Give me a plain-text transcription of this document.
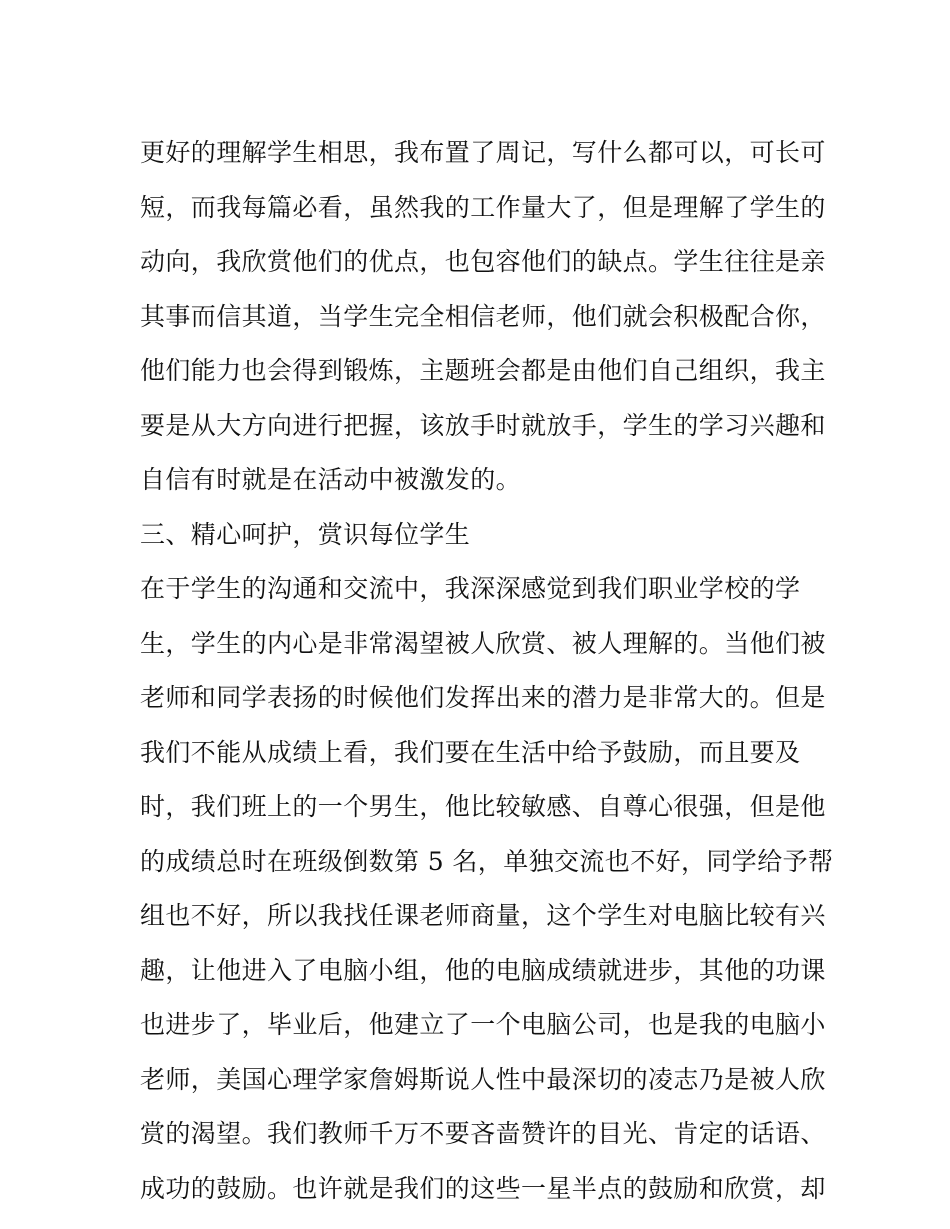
更好的理解学生相思，我布置了周记，写什么都可以，可长可
短，而我每篇必看，虽然我的工作量大了，但是理解了学生的
动向，我欣赏他们的优点，也包容他们的缺点。学生往往是亲
其事而信其道，当学生完全相信老师，他们就会积极配合你，
他们能力也会得到锻炼，主题班会都是由他们自己组织，我主
要是从大方向进行把握，该放手时就放手，学生的学习兴趣和
自信有时就是在活动中被激发的。
三、精心呵护，赏识每位学生
在于学生的沟通和交流中，我深深感觉到我们职业学校的学
生，学生的内心是非常渴望被人欣赏、被人理解的。当他们被
老师和同学表扬的时候他们发挥出来的潜力是非常大的。但是
我们不能从成绩上看，我们要在生活中给予鼓励，而且要及
时，我们班上的一个男生，他比较敏感、自尊心很强，但是他
的成绩总时在班级倒数第 5 名，单独交流也不好，同学给予帮
组也不好，所以我找任课老师商量，这个学生对电脑比较有兴
趣，让他进入了电脑小组，他的电脑成绩就进步，其他的功课
也进步了，毕业后，他建立了一个电脑公司，也是我的电脑小
老师，美国心理学家詹姆斯说人性中最深切的凌志乃是被人欣
赏的渴望。我们教师千万不要吝啬赞许的目光、肯定的话语、
成功的鼓励。也许就是我们的这些一星半点的鼓励和欣赏，却
